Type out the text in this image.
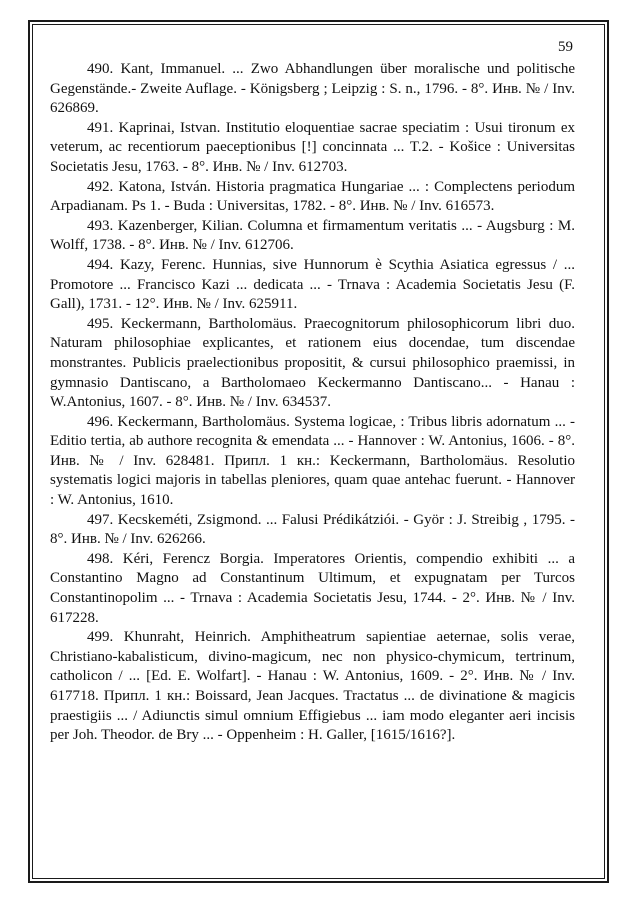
59

490. Kant, Immanuel. ... Zwo Abhandlungen über moralische und politische Gegenstände.- Zweite Auflage. - Königsberg ; Leipzig : S. n., 1796. - 8°. Инв. № / Inv. 626869.

491. Kaprinai, Istvan. Institutio eloquentiae sacrae speciatim : Usui tironum ex veterum, ac recentiorum paeceptionibus [!] concinnata ... T.2. - Košice : Universitas Societatis Jesu, 1763. - 8°. Инв. № / Inv. 612703.

492. Katona, István. Historia pragmatica Hungariae ... : Complectens periodum Arpadianam. Ps 1. - Buda : Universitas, 1782. - 8°. Инв. № / Inv. 616573.

493. Kazenberger, Kilian. Columna et firmamentum veritatis ... - Augsburg : M. Wolff, 1738. - 8°. Инв. № / Inv. 612706.

494. Kazy, Ferenc. Hunnias, sive Hunnorum è Scythia Asiatica egressus / ... Promotore ... Francisco Kazi ... dedicata ... - Trnava : Academia Societatis Jesu (F. Gall), 1731. - 12°. Инв. № / Inv. 625911.

495. Keckermann, Bartholomäus. Praecognitorum philosophicorum libri duo. Naturam philosophiae explicantes, et rationem eius docendae, tum discendae monstrantes. Publicis praelectionibus propositit, & cursui philosophico praemissi, in gymnasio Dantiscano, a Bartholomaeo Keckermanno Dantiscano... - Hanau : W.Antonius, 1607. - 8°. Инв. № / Inv. 634537.

496. Keckermann, Bartholomäus. Systema logicae, : Tribus libris adornatum ... - Editio tertia, ab authore recognita & emendata ... - Hannover : W. Antonius, 1606. - 8°. Инв. № / Inv. 628481. Припл. 1 кн.: Keckermann, Bartholomäus. Resolutio systematis logici majoris in tabellas pleniores, quam quae antehac fuerunt. - Hannover : W. Antonius, 1610.

497. Kecskeméti, Zsigmond. ... Falusi Prédikátziói. - Györ : J. Streibig , 1795. - 8°. Инв. № / Inv. 626266.

498. Kéri, Ferencz Borgia. Imperatores Orientis, compendio exhibiti ... a Constantino Magno ad Constantinum Ultimum, et expugnatam per Turcos Constantinopolim ... - Trnava : Academia Societatis Jesu, 1744. - 2°. Инв. № / Inv. 617228.

499. Khunraht, Heinrich. Amphitheatrum sapientiae aeternae, solis verae, Christiano-kabalisticum, divino-magicum, nec non physico-chymicum, tertrinum, catholicon / ... [Ed. E. Wolfart]. - Hanau : W. Antonius, 1609. - 2°. Инв. № / Inv. 617718. Припл. 1 кн.: Boissard, Jean Jacques. Tractatus ... de divinatione & magicis praestigiis ... / Adiunctis simul omnium Effigiebus ... iam modo eleganter aeri incisis per Joh. Theodor. de Bry ... - Oppenheim : H. Galler, [1615/1616?].
